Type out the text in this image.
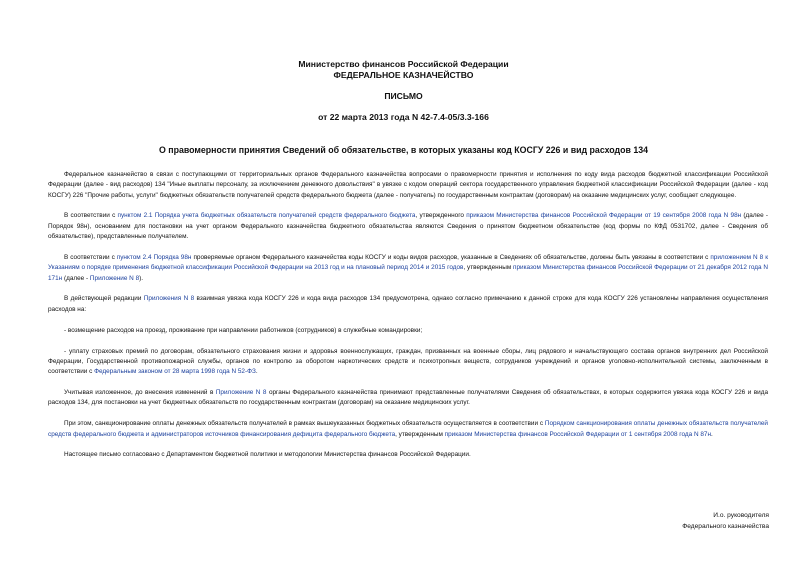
Министерство финансов Российской Федерации
ФЕДЕРАЛЬНОЕ КАЗНАЧЕЙСТВО
ПИСЬМО
от 22 марта 2013 года N 42-7.4-05/3.3-166
О правомерности принятия Сведений об обязательстве, в которых указаны код КОСГУ 226 и вид расходов 134

Федеральное казначейство в связи с поступающими от территориальных органов Федерального казначейства вопросами о правомерности принятия и исполнения по коду вида расходов бюджетной классификации Российской Федерации (далее - вид расходов) 134 "Иные выплаты персоналу, за исключением денежного довольствия" в увязке с кодом операций сектора государственного управления бюджетной классификации Российской Федерации (далее - код КОСГУ) 226 "Прочие работы, услуги" бюджетных обязательств получателей средств федерального бюджета (далее - получатель) по государственным контрактам (договорам) на оказание медицинских услуг, сообщает следующее.

В соответствии с пунктом 2.1 Порядка учета бюджетных обязательств получателей средств федерального бюджета, утвержденного приказом Министерства финансов Российской Федерации от 19 сентября 2008 года N 98н (далее - Порядок 98н), основанием для постановки на учет органом Федерального казначейства бюджетного обязательства являются Сведения о принятом бюджетном обязательстве (код формы по КФД 0531702, далее - Сведения об обязательстве), представленные получателем.

В соответствии с пунктом 2.4 Порядка 98н проверяемые органом Федерального казначейства коды КОСГУ и коды видов расходов, указанные в Сведениях об обязательстве, должны быть увязаны в соответствии с приложением N 8 к Указаниям о порядке применения бюджетной классификации Российской Федерации на 2013 год и на плановый период 2014 и 2015 годов, утвержденным приказом Министерства финансов Российской Федерации от 21 декабря 2012 года N 171н (далее - Приложение N 8).

В действующей редакции Приложения N 8 взаимная увязка кода КОСГУ 226 и кода вида расходов 134 предусмотрена, однако согласно примечанию к данной строке для кода КОСГУ 226 установлены направления осуществления расходов на:

- возмещение расходов на проезд, проживание при направлении работников (сотрудников) в служебные командировки;

- уплату страховых премий по договорам, обязательного страхования жизни и здоровья военнослужащих, граждан, призванных на военные сборы, лиц рядового и начальствующего состава органов внутренних дел Российской Федерации, Государственной противопожарной службы, органов по контролю за оборотом наркотических средств и психотропных веществ, сотрудников учреждений и органов уголовно-исполнительной системы, заключенным в соответствии с Федеральным законом от 28 марта 1998 года N 52-ФЗ.

Учитывая изложенное, до внесения изменений в Приложение N 8 органы Федерального казначейства принимают представленные получателями Сведения об обязательствах, в которых содержится увязка кода КОСГУ 226 и вида расходов 134, для постановки на учет бюджетных обязательств по государственным контрактам (договорам) на оказание медицинских услуг.

При этом, санкционирование оплаты денежных обязательств получателей в рамках вышеуказанных бюджетных обязательств осуществляется в соответствии с Порядком санкционирования оплаты денежных обязательств получателей средств федерального бюджета и администраторов источников финансирования дефицита федерального бюджета, утвержденным приказом Министерства финансов Российской Федерации от 1 сентября 2008 года N 87н.

Настоящее письмо согласовано с Департаментом бюджетной политики и методологии Министерства финансов Российской Федерации.

И.о. руководителя
Федерального казначейства
